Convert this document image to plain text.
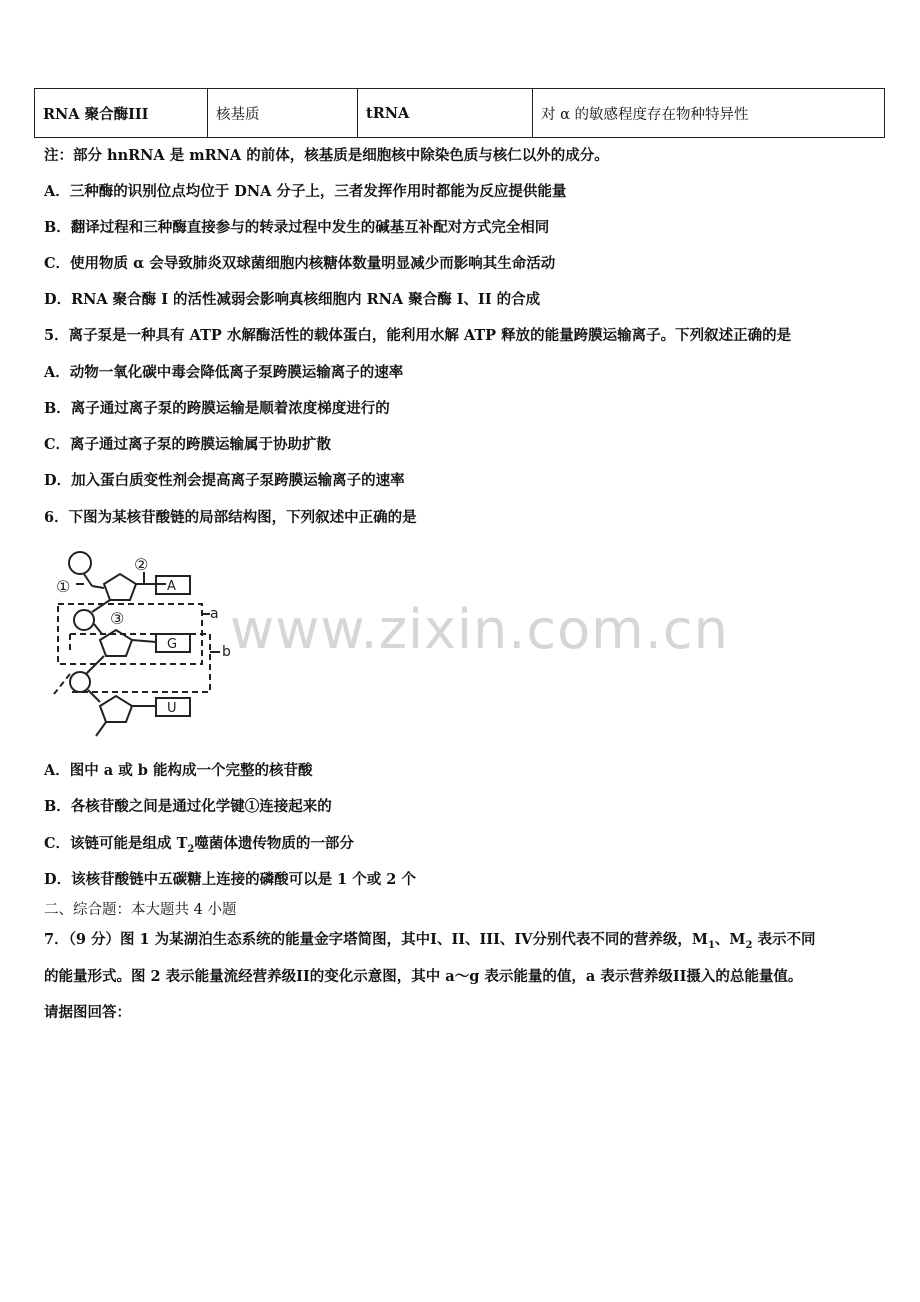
RNA 聚合酶III	核基质	tRNA	对 α 的敏感程度存在物种特异性
注：部分 hnRNA 是 mRNA 的前体，核基质是细胞核中除染色质与核仁以外的成分。
A．三种酶的识别位点均位于 DNA 分子上，三者发挥作用时都能为反应提供能量
B．翻译过程和三种酶直接参与的转录过程中发生的碱基互补配对方式完全相同
C．使用物质 α 会导致肺炎双球菌细胞内核糖体数量明显减少而影响其生命活动
D．RNA 聚合酶 I 的活性减弱会影响真核细胞内 RNA 聚合酶 I、II 的合成
5．离子泵是一种具有 ATP 水解酶活性的载体蛋白，能利用水解 ATP 释放的能量跨膜运输离子。下列叙述正确的是
A．动物一氧化碳中毒会降低离子泵跨膜运输离子的速率
B．离子通过离子泵的跨膜运输是顺着浓度梯度进行的
C．离子通过离子泵的跨膜运输属于协助扩散
D．加入蛋白质变性剂会提高离子泵跨膜运输离子的速率
6．下图为某核苷酸链的局部结构图，下列叙述中正确的是
①
②
③	a
b
A
G
U
A．图中 a 或 b 能构成一个完整的核苷酸
B．各核苷酸之间是通过化学键①连接起来的
C．该链可能是组成 $T_2$噬菌体遗传物质的一部分
D．该核苷酸链中五碳糖上连接的磷酸可以是 1 个或 2 个
二、综合题：本大题共 4 小题
7．（9 分）图 1 为某湖泊生态系统的能量金字塔简图，其中I、II、III、IV分别代表不同的营养级，$M_1$、$M_2$ 表示不同
的能量形式。图 2 表示能量流经营养级II的变化示意图，其中 a～g 表示能量的值，a 表示营养级II摄入的总能量值。
请据图回答：
www.zixin.com.cn
